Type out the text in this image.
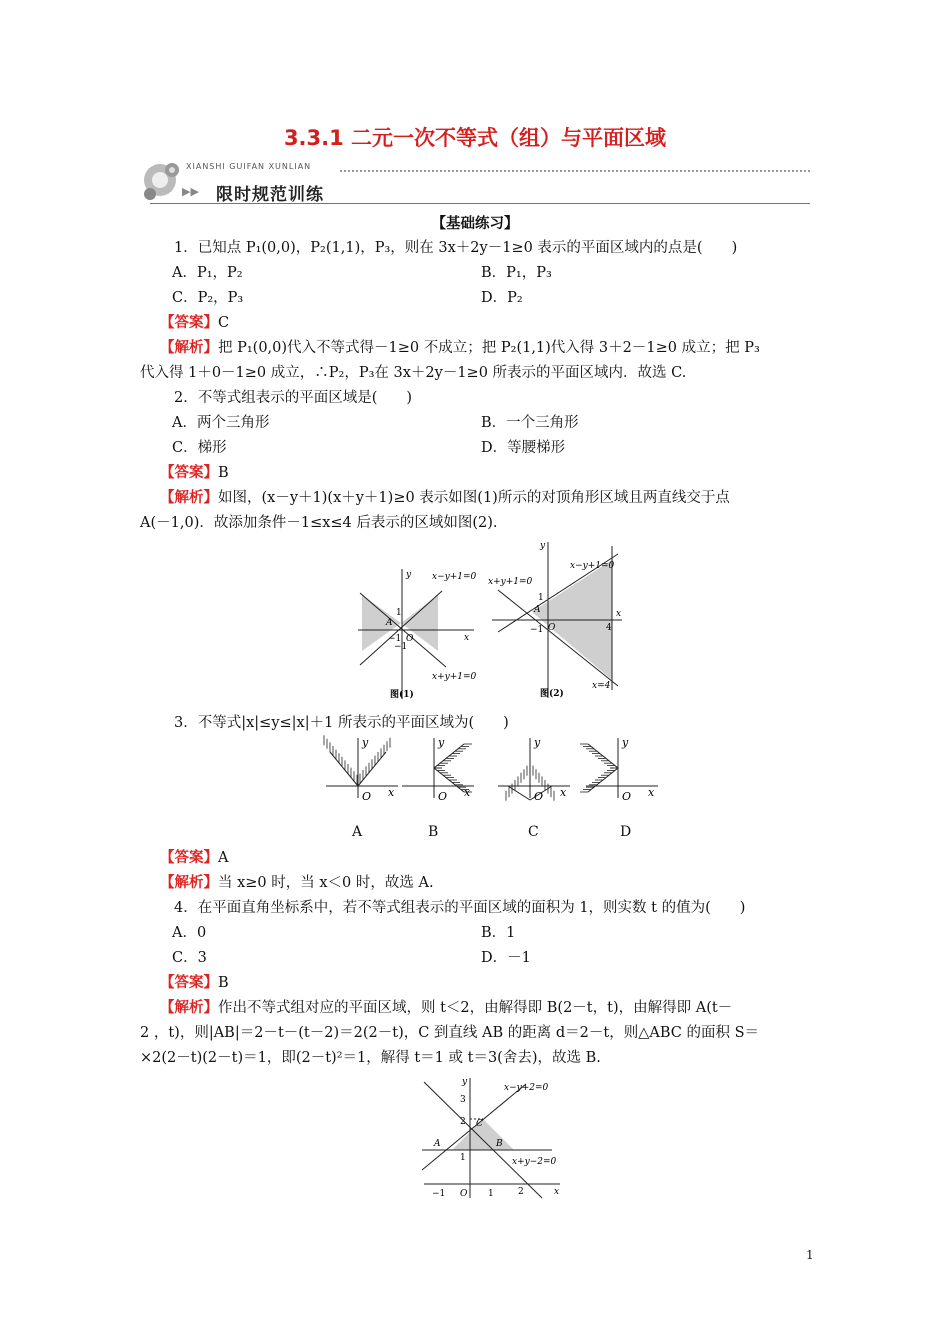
3.3.1 二元一次不等式（组）与平面区域
XIANSHI GUIFAN XUNLIAN
▶▶ 限时规范训练
【基础练习】
1．已知点 P₁(0,0)，P₂(1,1)，P₃，则在 3x＋2y－1≥0 表示的平面区域内的点是(　　)
A．P₁，P₂	B．P₁，P₃
C．P₂，P₃	D．P₂
【答案】C
【解析】把 P₁(0,0)代入不等式得－1≥0 不成立；把 P₂(1,1)代入得 3＋2－1≥0 成立；把 P₃
代入得 1＋0－1≥0 成立，∴P₂，P₃在 3x＋2y－1≥0 所表示的平面区域内．故选 C.
2．不等式组表示的平面区域是(　　)
A．两个三角形	B．一个三角形
C．梯形	D．等腰梯形
【答案】B
【解析】如图，(x－y＋1)(x＋y＋1)≥0 表示如图(1)所示的对顶角形区域且两直线交于点
A(－1,0)．故添加条件－1≤x≤4 后表示的区域如图(2).
y
x
O
A
1
−1
−1
x−y+1=0
x+y+1=0
图(1)
y
x
O
A
1
−1	4
x−y+1=0
x+y+1=0
x=4
图(2)
3．不等式|x|≤y≤|x|＋1 所表示的平面区域为(　　)
y
x
O
y
x
O
y
x
O
y
x
O
A	B	C	D
【答案】A
【解析】当 x≥0 时，当 x＜0 时，故选 A.
4．在平面直角坐标系中，若不等式组表示的平面区域的面积为 1，则实数 t 的值为(　　)
A．0	B．1
C．3	D．－1
【答案】B
【解析】作出不等式组对应的平面区域，则 t＜2，由解得即 B(2－t，t)，由解得即 A(t－
2 ，t)，则|AB|＝2－t－(t－2)＝2(2－t)，C 到直线 AB 的距离 d＝2－t，则△ABC 的面积 S＝
×2(2－t)(2－t)＝1，即(2－t)²＝1，解得 t＝1 或 t＝3(舍去)，故选 B.
y
x
O
A	B
C
3
2
1
−1	1	2
x−y+2=0
x+y−2=0
1
